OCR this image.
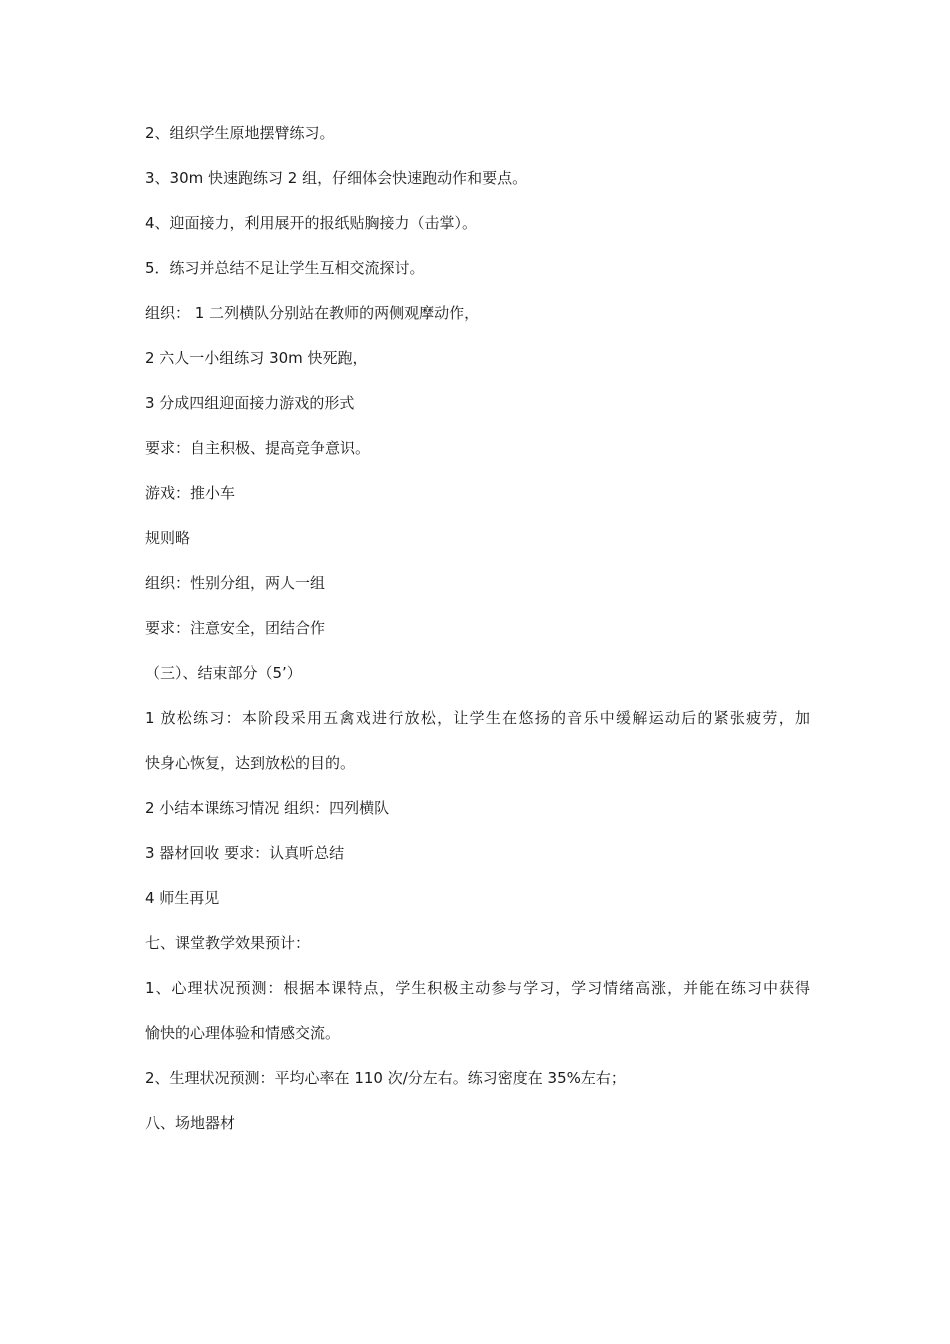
2、组织学生原地摆臂练习。
3、30m 快速跑练习 2 组，仔细体会快速跑动作和要点。
4、迎面接力，利用展开的报纸贴胸接力（击掌）。
5．练习并总结不足让学生互相交流探讨。
组织： 1 二列横队分别站在教师的两侧观摩动作，
2 六人一小组练习 30m 快死跑，
3 分成四组迎面接力游戏的形式
要求：自主积极、提高竞争意识。
游戏：推小车
规则略
组织：性别分组，两人一组
要求：注意安全，团结合作
（三）、结束部分（5’）
1 放松练习：本阶段采用五禽戏进行放松，让学生在悠扬的音乐中缓解运动后的紧张疲劳，加
快身心恢复，达到放松的目的。
2 小结本课练习情况 组织：四列横队
3 器材回收 要求：认真听总结
4 师生再见
七、课堂教学效果预计：
1、心理状况预测：根据本课特点，学生积极主动参与学习，学习情绪高涨，并能在练习中获得
愉快的心理体验和情感交流。
2、生理状况预测：平均心率在 110 次/分左右。练习密度在 35%左右；
八、场地器材
